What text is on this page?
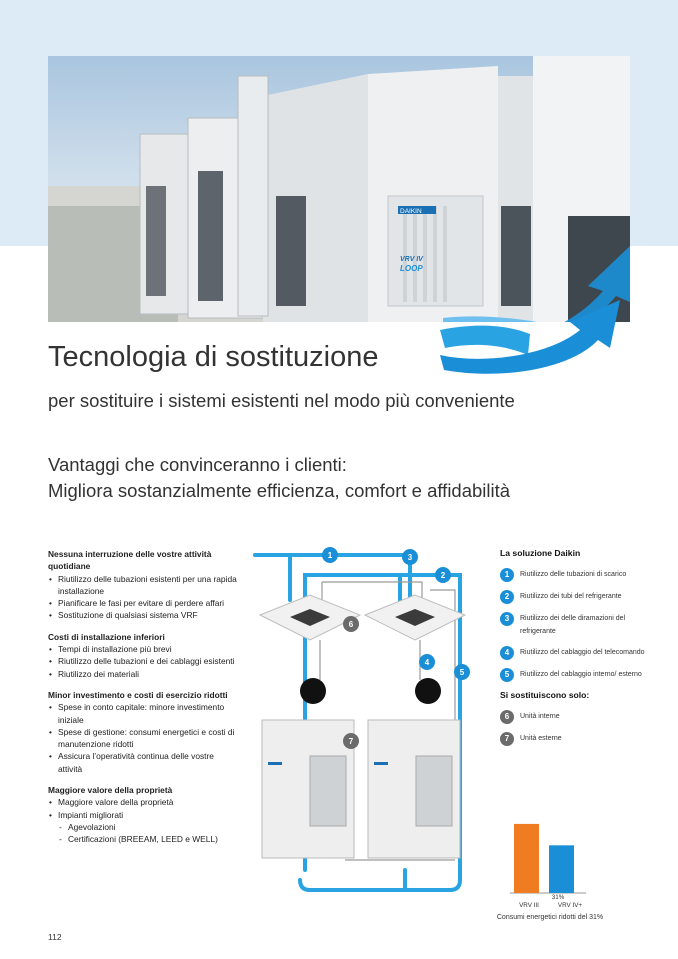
DAIKIN
VRV IV
LOOP
Tecnologia di sostituzione
per sostituire i sistemi esistenti nel modo più conveniente
Vantaggi che convinceranno i clienti:
Migliora sostanzialmente efficienza, comfort e affidabilità
Nessuna interruzione delle vostre attività quotidiane
• Riutilizzo delle tubazioni esistenti per una rapida installazione
• Pianificare le fasi per evitare di perdere affari
• Sostituzione di qualsiasi sistema VRF
Costi di installazione inferiori
• Tempi di installazione più brevi
• Riutilizzo delle tubazioni e dei cablaggi esistenti
• Riutilizzo dei materiali
Minor investimento e costi di esercizio ridotti
• Spese in conto capitale: minore investimento iniziale
• Spese di gestione: consumi energetici e costi di manutenzione ridotti
• Assicura l’operatività continua delle vostre attività
Maggiore valore della proprietà
• Maggiore valore della proprietà
• Impianti migliorati
- Agevolazioni
- Certificazioni (BREEAM, LEED e WELL)
1
2
3
4
5
6
7
La soluzione Daikin
1	Riutilizzo delle tubazioni di scarico
2	Riutilizzo dei tubi del refrigerante
3	Riutilizzo dei delle diramazioni del refrigerante
4	Riutilizzo del cablaggio del telecomando
5	Riutilizzo del cablaggio interno/ esterno
Si sostituiscono solo:
6	Unità interne
7	Unità esterne
31%
VRV III	VRV IV+
Consumi energetici ridotti del 31%
112
